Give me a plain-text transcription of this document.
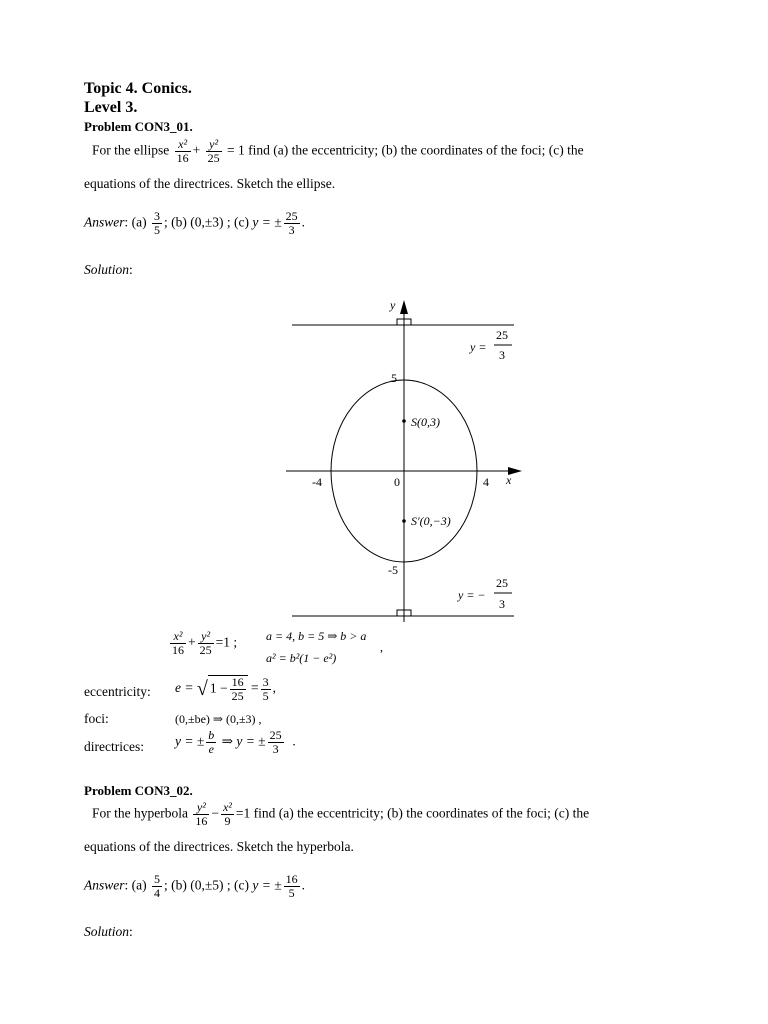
Topic 4. Conics.
Level 3.
Problem CON3_01.
For the ellipse $\frac{\text{x²}}{16} + \frac{\text{y²}}{25} = 1$ find (a) the eccentricity; (b) the coordinates of the foci; (c) the
equations of the directrices. Sketch the ellipse.
Answer: $(a) \frac{3}{5}$ ; (b) (0,±3) ; (c) y = ± $\frac{25}{3}$ .
Solution:
y
x
5
-5
-4	4
0
S(0,3)
S′(0,−3)
y =
25
3
y = −
25
3
$\frac{\text{x²}}{16} + \frac{\text{y²}}{25} =1$ ; a = 4, b = 5 ⇒ b > a
a² = b²(1 − e²)
,
eccentricity: e = √ $1 - \frac{16}{25} = \frac{3}{5}$ ,
foci:	(0,±be) ⇒ (0,±3) ,
directrices: y = ± $\frac{b}{e}$ ⇒ y = ± $\frac{25}{3}$ .
Problem CON3_02.
For the hyperbola $\frac{\text{y²}}{16} - \frac{\text{x²}}{9} =1$ find (a) the eccentricity; (b) the coordinates of the foci; (c) the
equations of the directrices. Sketch the hyperbola.
Answer: $(a) \frac{5}{4}$ ; (b) (0,±5) ; (c) y = ± $\frac{16}{5}$ .
Solution:
